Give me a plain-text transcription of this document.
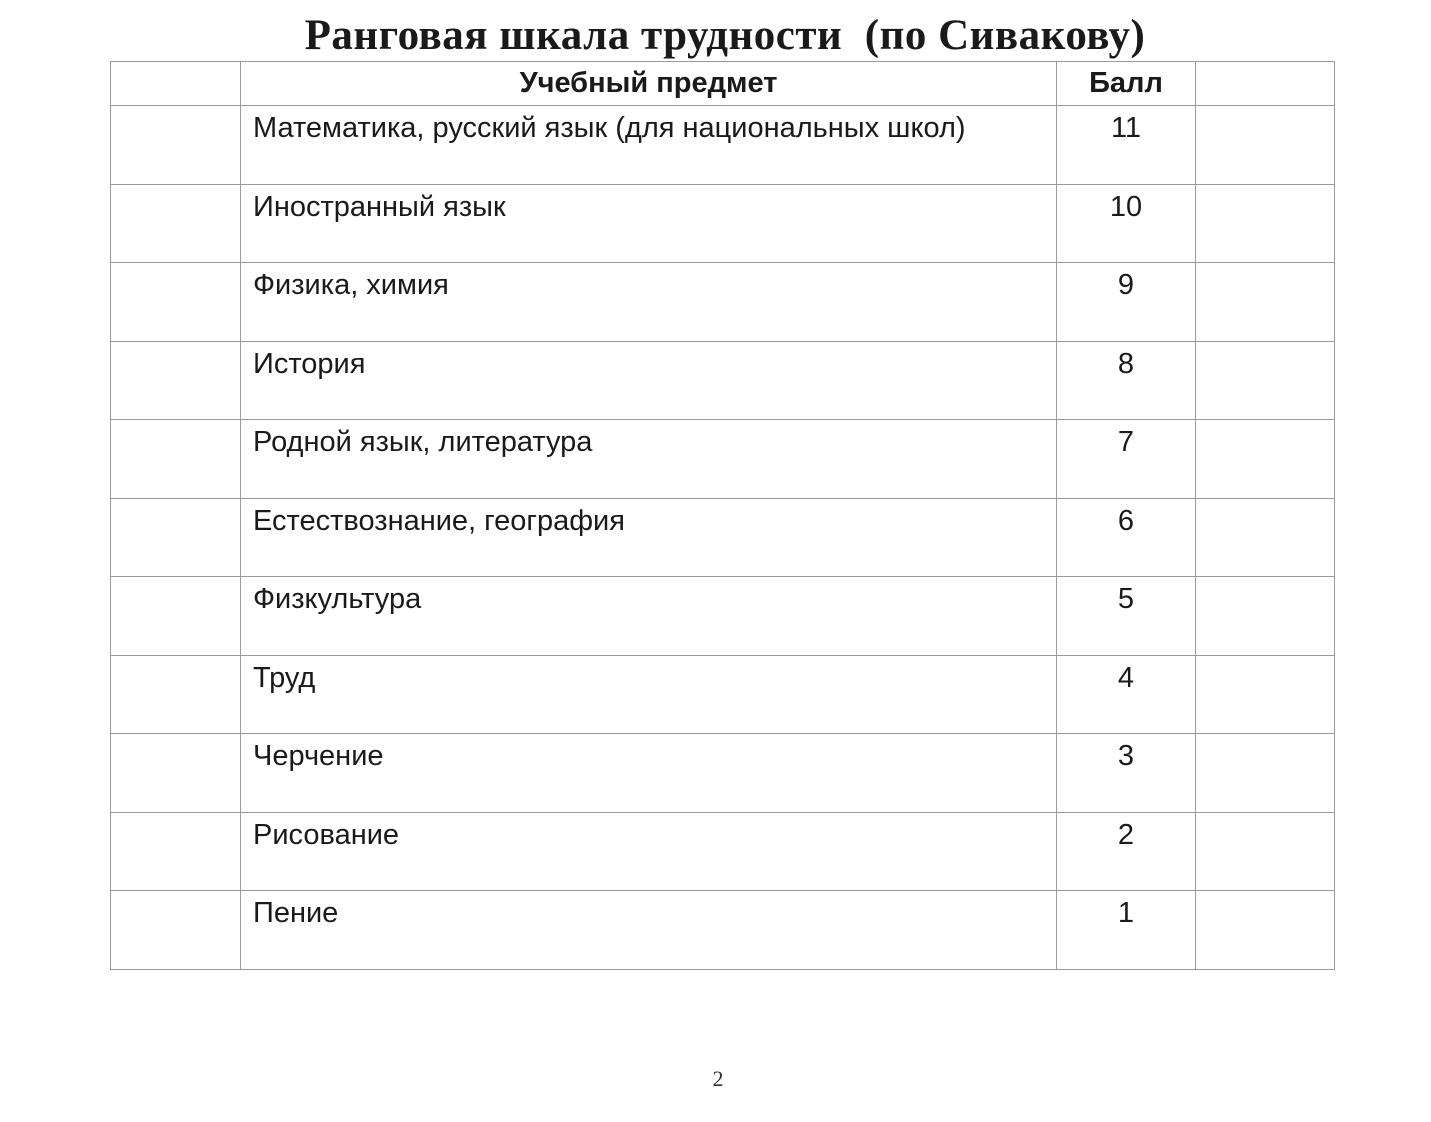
Ранговая шкала трудности  (по Сивакову)
	Учебный предмет	Балл	
	Математика, русский язык (для национальных школ)	11	
	Иностранный язык	10	
	Физика, химия	9	
	История	8	
	Родной язык, литература	7	
	Естествознание, география	6	
	Физкультура	5	
	Труд	4	
	Черчение	3	
	Рисование	2	
	Пение	1	
2
